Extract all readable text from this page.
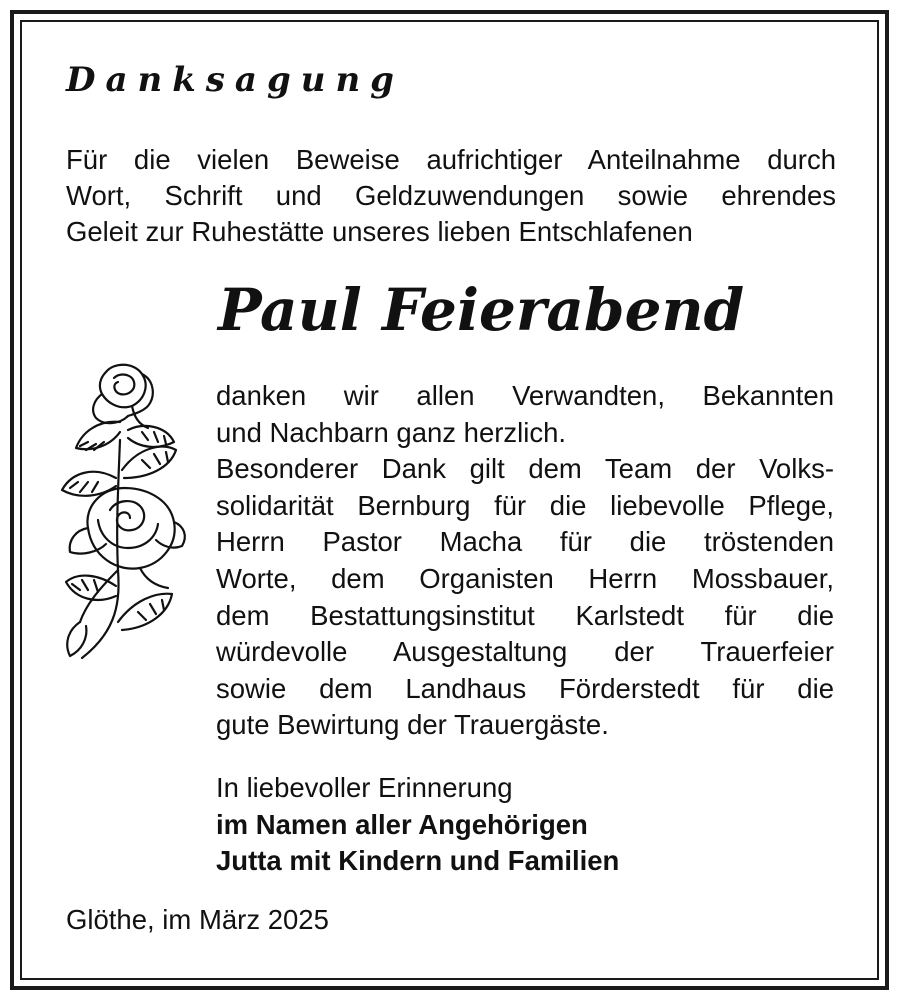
Danksagung
Für die vielen Beweise aufrichtiger Anteilnahme durch
Wort, Schrift und Geldzuwendungen sowie ehrendes
Geleit zur Ruhestätte unseres lieben Entschlafenen
Paul Feierabend
danken wir allen Verwandten, Bekannten
und Nachbarn ganz herzlich.
Besonderer Dank gilt dem Team der Volks-
solidarität Bernburg für die liebevolle Pflege,
Herrn Pastor Macha für die tröstenden
Worte, dem Organisten Herrn Mossbauer,
dem Bestattungsinstitut Karlstedt für die
würdevolle Ausgestaltung der Trauerfeier
sowie dem Landhaus Förderstedt für die
gute Bewirtung der Trauergäste.
In liebevoller Erinnerung
im Namen aller Angehörigen
Jutta mit Kindern und Familien
Glöthe, im März 2025
